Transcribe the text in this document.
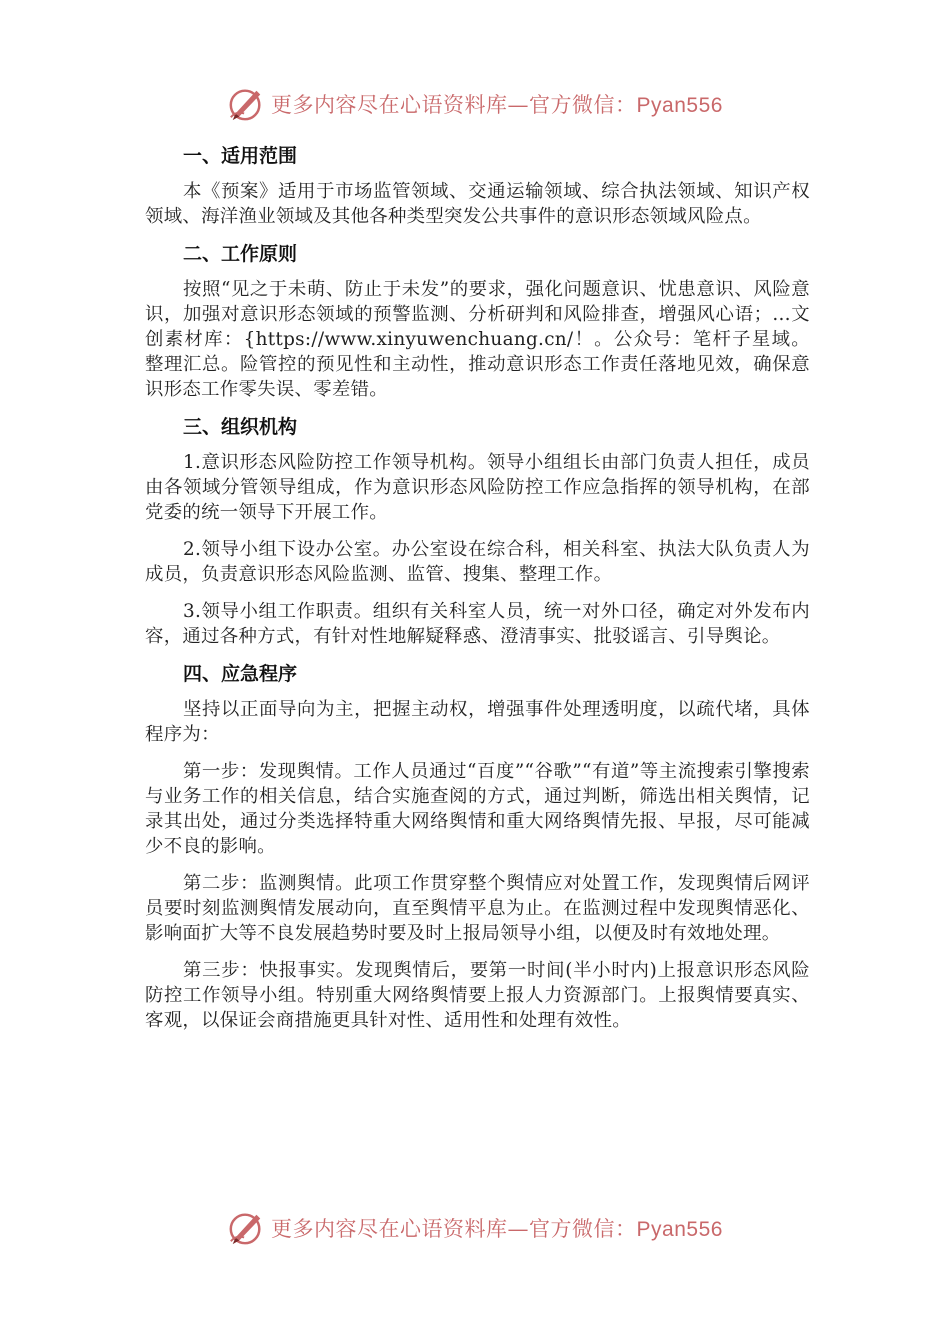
更多内容尽在心语资料库—官方微信：Pyan556
一、适用范围

本《预案》适用于市场监管领域、交通运输领域、综合执法领域、知识产权领域、海洋渔业领域及其他各种类型突发公共事件的意识形态领域风险点。

二、工作原则

按照“见之于未萌、防止于未发”的要求，强化问题意识、忧患意识、风险意识，加强对意识形态领域的预警监测、分析研判和风险排查，增强风心语；…文创素材库：{https://www.xinyuwenchuang.cn/！。公众号：笔杆子星域。整理汇总。险管控的预见性和主动性，推动意识形态工作责任落地见效，确保意识形态工作零失误、零差错。

三、组织机构

1.意识形态风险防控工作领导机构。领导小组组长由部门负责人担任，成员由各领域分管领导组成，作为意识形态风险防控工作应急指挥的领导机构，在部党委的统一领导下开展工作。

2.领导小组下设办公室。办公室设在综合科，相关科室、执法大队负责人为成员，负责意识形态风险监测、监管、搜集、整理工作。

3.领导小组工作职责。组织有关科室人员，统一对外口径，确定对外发布内容，通过各种方式，有针对性地解疑释惑、澄清事实、批驳谣言、引导舆论。

四、应急程序

坚持以正面导向为主，把握主动权，增强事件处理透明度，以疏代堵，具体程序为：

第一步：发现舆情。工作人员通过“百度”“谷歌”“有道”等主流搜索引擎搜索与业务工作的相关信息，结合实施查阅的方式，通过判断，筛选出相关舆情，记录其出处，通过分类选择特重大网络舆情和重大网络舆情先报、早报，尽可能减少不良的影响。

第二步：监测舆情。此项工作贯穿整个舆情应对处置工作，发现舆情后网评员要时刻监测舆情发展动向，直至舆情平息为止。在监测过程中发现舆情恶化、影响面扩大等不良发展趋势时要及时上报局领导小组，以便及时有效地处理。

第三步：快报事实。发现舆情后，要第一时间(半小时内)上报意识形态风险防控工作领导小组。特别重大网络舆情要上报人力资源部门。上报舆情要真实、客观，以保证会商措施更具针对性、适用性和处理有效性。

更多内容尽在心语资料库—官方微信：Pyan556
